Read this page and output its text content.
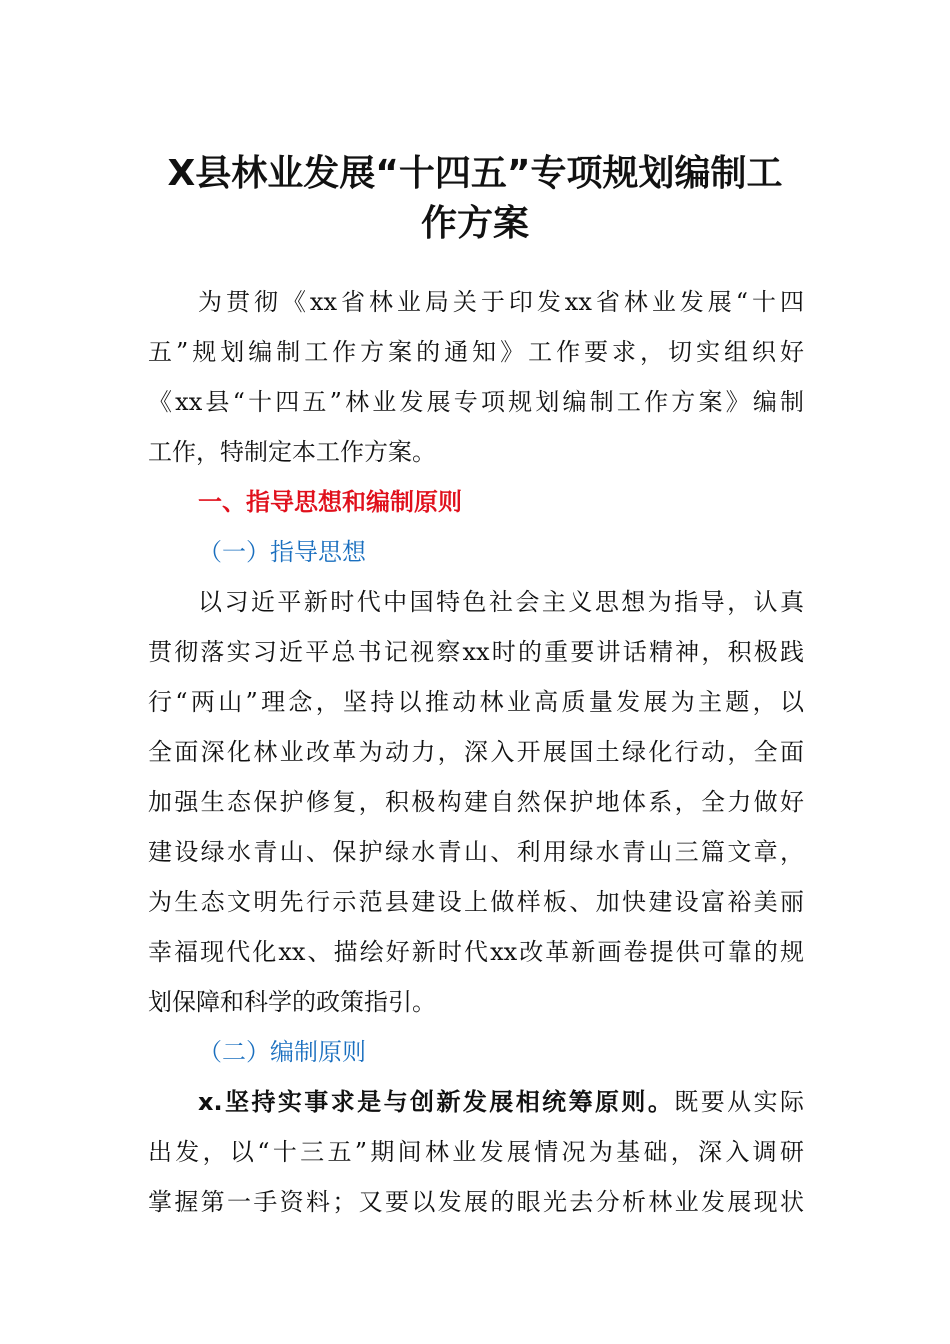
X县林业发展“十四五”专项规划编制工
作方案

为贯彻《xx省林业局关于印发xx省林业发展“十四

五”规划编制工作方案的通知》工作要求，切实组织好

《xx县“十四五”林业发展专项规划编制工作方案》编制

工作，特制定本工作方案。

一、指导思想和编制原则

（一）指导思想

以习近平新时代中国特色社会主义思想为指导，认真

贯彻落实习近平总书记视察xx时的重要讲话精神，积极践

行“两山”理念，坚持以推动林业高质量发展为主题，以

全面深化林业改革为动力，深入开展国土绿化行动，全面

加强生态保护修复，积极构建自然保护地体系，全力做好

建设绿水青山、保护绿水青山、利用绿水青山三篇文章，

为生态文明先行示范县建设上做样板、加快建设富裕美丽

幸福现代化xx、描绘好新时代xx改革新画卷提供可靠的规

划保障和科学的政策指引。

（二）编制原则

x.坚持实事求是与创新发展相统筹原则。既要从实际

出发，以“十三五”期间林业发展情况为基础，深入调研

掌握第一手资料；又要以发展的眼光去分析林业发展现状
